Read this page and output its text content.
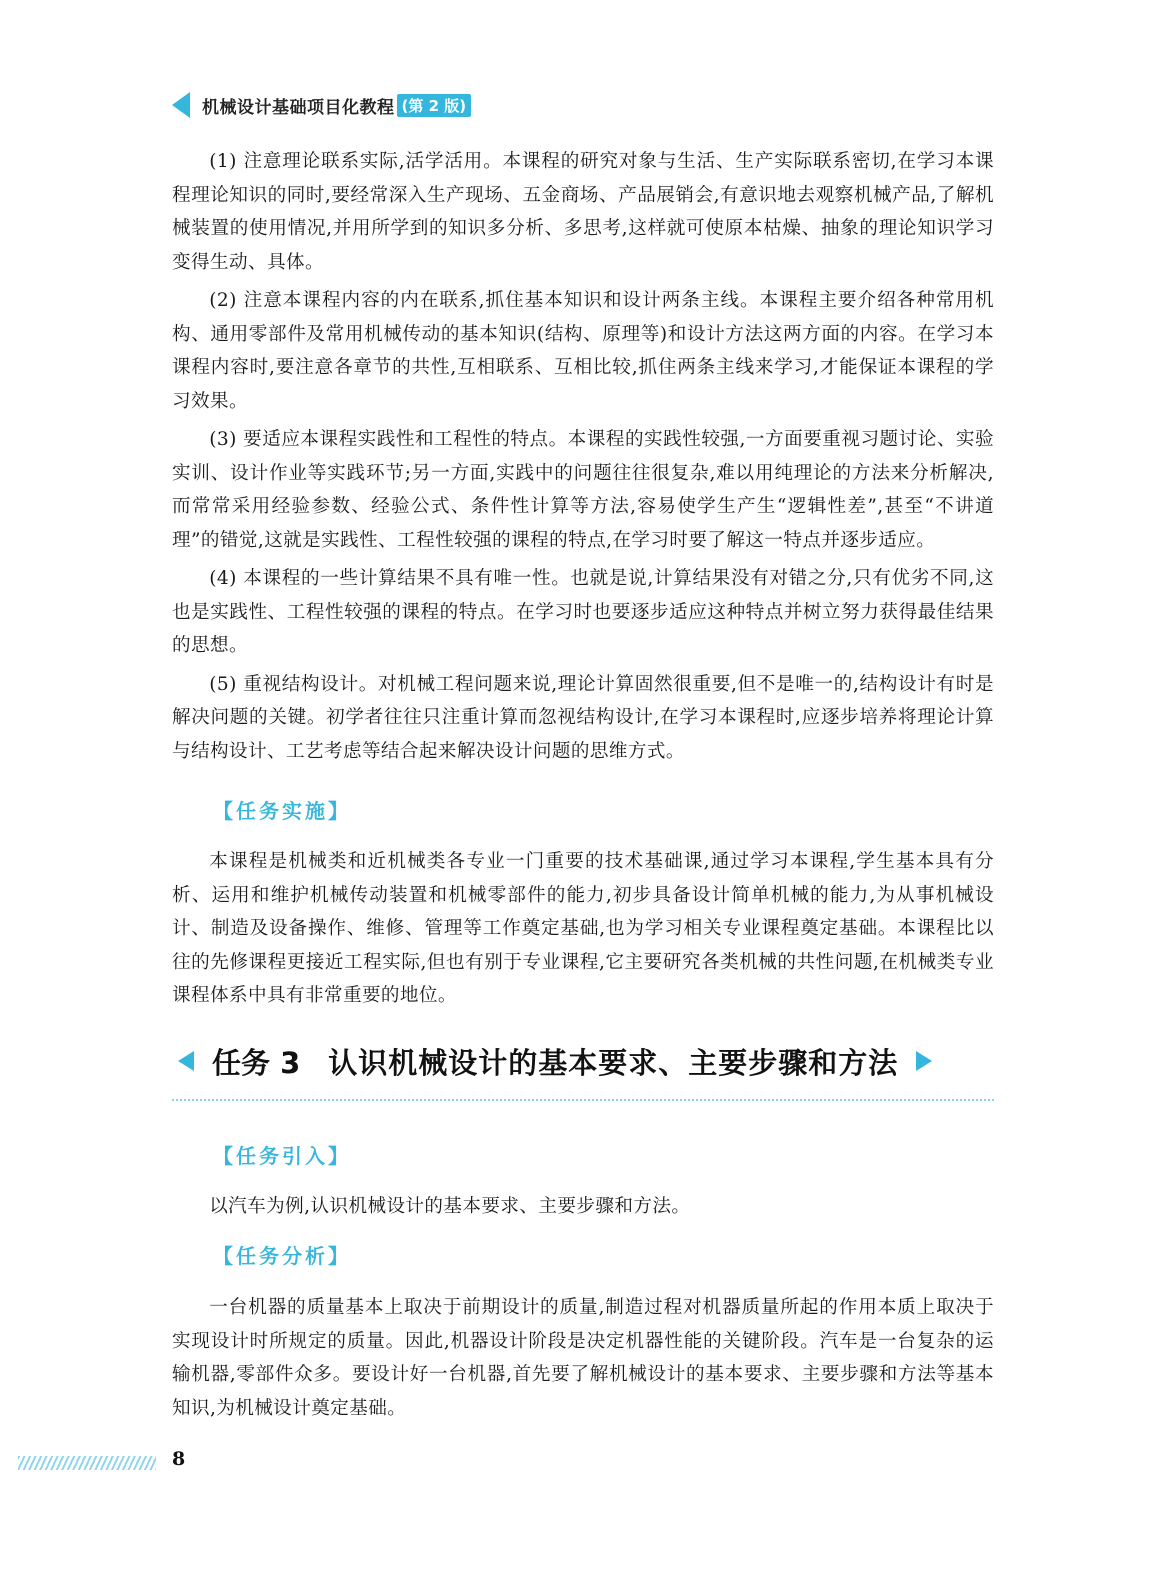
机械设计基础项目化教程 (第 2 版)

(1) 注意理论联系实际,活学活用。本课程的研究对象与生活、生产实际联系密切,在学习本课程理论知识的同时,要经常深入生产现场、五金商场、产品展销会,有意识地去观察机械产品,了解机械装置的使用情况,并用所学到的知识多分析、多思考,这样就可使原本枯燥、抽象的理论知识学习变得生动、具体。

(2) 注意本课程内容的内在联系,抓住基本知识和设计两条主线。本课程主要介绍各种常用机构、通用零部件及常用机械传动的基本知识(结构、原理等)和设计方法这两方面的内容。在学习本课程内容时,要注意各章节的共性,互相联系、互相比较,抓住两条主线来学习,才能保证本课程的学习效果。

(3) 要适应本课程实践性和工程性的特点。本课程的实践性较强,一方面要重视习题讨论、实验实训、设计作业等实践环节;另一方面,实践中的问题往往很复杂,难以用纯理论的方法来分析解决,而常常采用经验参数、经验公式、条件性计算等方法,容易使学生产生“逻辑性差”,甚至“不讲道理”的错觉,这就是实践性、工程性较强的课程的特点,在学习时要了解这一特点并逐步适应。

(4) 本课程的一些计算结果不具有唯一性。也就是说,计算结果没有对错之分,只有优劣不同,这也是实践性、工程性较强的课程的特点。在学习时也要逐步适应这种特点并树立努力获得最佳结果的思想。

(5) 重视结构设计。对机械工程问题来说,理论计算固然很重要,但不是唯一的,结构设计有时是解决问题的关键。初学者往往只注重计算而忽视结构设计,在学习本课程时,应逐步培养将理论计算与结构设计、工艺考虑等结合起来解决设计问题的思维方式。

【任务实施】

本课程是机械类和近机械类各专业一门重要的技术基础课,通过学习本课程,学生基本具有分析、运用和维护机械传动装置和机械零部件的能力,初步具备设计简单机械的能力,为从事机械设计、制造及设备操作、维修、管理等工作奠定基础,也为学习相关专业课程奠定基础。本课程比以往的先修课程更接近工程实际,但也有别于专业课程,它主要研究各类机械的共性问题,在机械类专业课程体系中具有非常重要的地位。

任务 3 认识机械设计的基本要求、主要步骤和方法
【任务引入】

以汽车为例,认识机械设计的基本要求、主要步骤和方法。

【任务分析】

一台机器的质量基本上取决于前期设计的质量,制造过程对机器质量所起的作用本质上取决于实现设计时所规定的质量。因此,机器设计阶段是决定机器性能的关键阶段。汽车是一台复杂的运输机器,零部件众多。要设计好一台机器,首先要了解机械设计的基本要求、主要步骤和方法等基本知识,为机械设计奠定基础。

8
